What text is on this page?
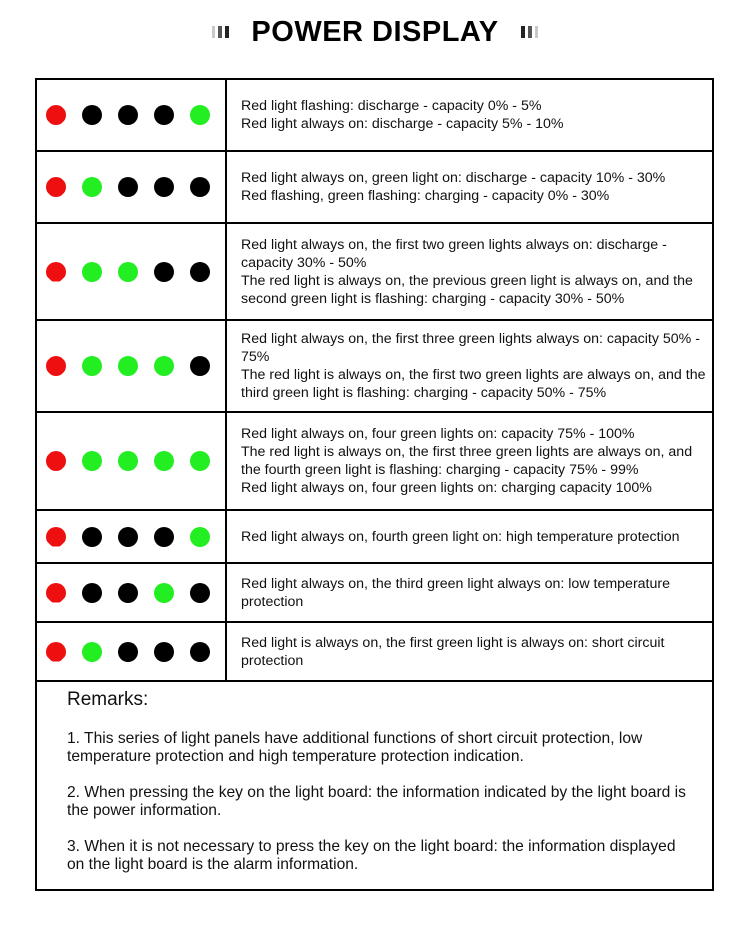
POWER DISPLAY

	Red light flashing: discharge - capacity 0% - 5%
Red light always on: discharge - capacity 5% - 10%

	Red light always on, green light on: discharge - capacity 10% - 30%
Red flashing, green flashing: charging - capacity 0% - 30%

	Red light always on, the first two green lights always on: discharge - capacity 30% - 50%
The red light is always on, the previous green light is always on, and the second green light is flashing: charging - capacity 30% - 50%

	Red light always on, the first three green lights always on: capacity 50% - 75%
The red light is always on, the first two green lights are always on, and the third green light is flashing: charging - capacity 50% - 75%

	Red light always on, four green lights on: capacity 75% - 100%
The red light is always on, the first three green lights are always on, and the fourth green light is flashing: charging - capacity 75% - 99%
Red light always on, four green lights on: charging capacity 100%

	Red light always on, fourth green light on: high temperature protection

	Red light always on, the third green light always on: low temperature protection

	Red light is always on, the first green light is always on: short circuit protection
Remarks:
1. This series of light panels have additional functions of short circuit protection, low temperature protection and high temperature protection indication.
2. When pressing the key on the light board: the information indicated by the light board is the power information.
3. When it is not necessary to press the key on the light board: the information displayed on the light board is the alarm information.
